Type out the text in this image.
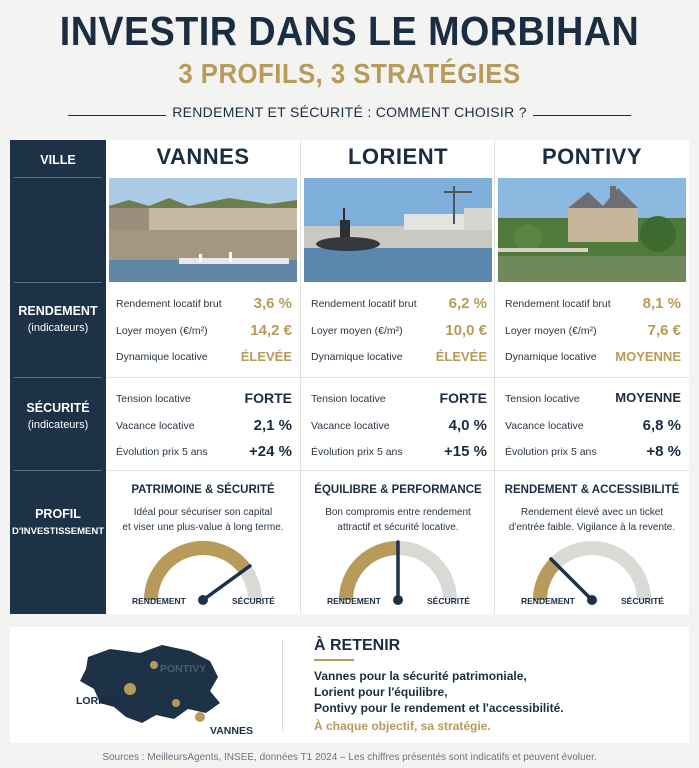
INVESTIR DANS LE MORBIHAN
3 PROFILS, 3 STRATÉGIES
RENDEMENT ET SÉCURITÉ : COMMENT CHOISIR ?
VILLE
RENDEMENT
(indicateurs)
SÉCURITÉ
(indicateurs)
PROFIL
D'INVESTISSEMENT
VANNES
Rendement locatif brut 3,6 %
Loyer moyen (€/m²)	14,2 €
Dynamique locative	ÉLEVÉE
Tension locative	FORTE
Vacance locative	2,1 %
Évolution prix 5 ans	+24 %
PATRIMOINE & SÉCURITÉ
Idéal pour sécuriser son capital
et viser une plus-value à long terme.
RENDEMENT	SÉCURITÉ
LORIENT
Rendement locatif brut 6,2 %
Loyer moyen (€/m²)	10,0 €
Dynamique locative	ÉLEVÉE
Tension locative	FORTE
Vacance locative	4,0 %
Évolution prix 5 ans	+15 %
ÉQUILIBRE & PERFORMANCE
Bon compromis entre rendement
attractif et sécurité locative.
RENDEMENT	SÉCURITÉ
PONTIVY
Rendement locatif brut 8,1 %
Loyer moyen (€/m²)	7,6 €
Dynamique locative MOYENNE
Tension locative	MOYENNE
Vacance locative	6,8 %
Évolution prix 5 ans	+8 %
RENDEMENT & ACCESSIBILITÉ
Rendement élevé avec un ticket
d'entrée faible. Vigilance à la revente.
RENDEMENT	SÉCURITÉ
PONTIVY
LORIENT
VANNES
À RETENIR
Vannes pour la sécurité patrimoniale,
Lorient pour l'équilibre,
Pontivy pour le rendement et l'accessibilité.
À chaque objectif, sa stratégie.
Sources : MeilleursAgents, INSEE, données T1 2024 – Les chiffres présentés sont indicatifs et peuvent évoluer.
